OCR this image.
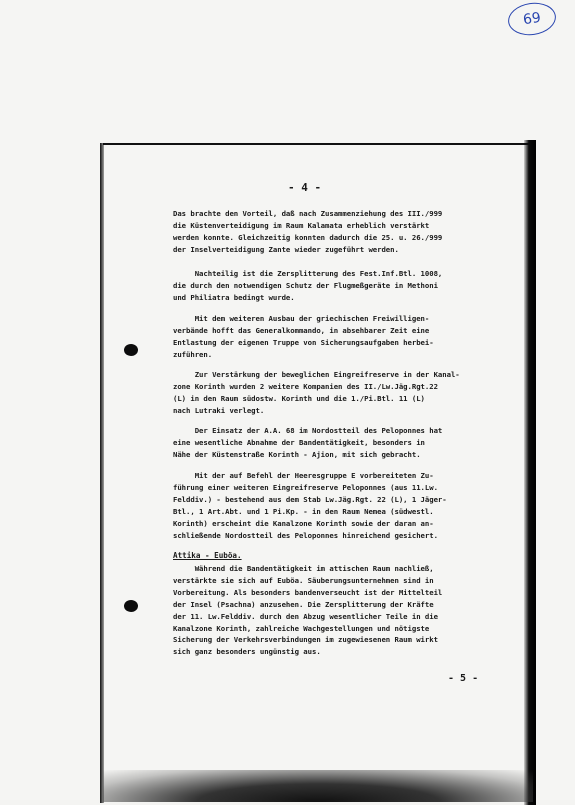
69
- 4 -
Das brachte den Vorteil, daß nach Zusammenziehung des III./999
die Küstenverteidigung im Raum Kalamata erheblich verstärkt
werden konnte. Gleichzeitig konnten dadurch die 25. u. 26./999
der Inselverteidigung Zante wieder zugeführt werden.
Nachteilig ist die Zersplitterung des Fest.Inf.Btl. 1008,
die durch den notwendigen Schutz der Flugmeßgeräte in Methoni
und Philiatra bedingt wurde.
Mit dem weiteren Ausbau der griechischen Freiwilligen-
verbände hofft das Generalkommando, in absehbarer Zeit eine
Entlastung der eigenen Truppe von Sicherungsaufgaben herbei-
zuführen.
Zur Verstärkung der beweglichen Eingreifreserve in der Kanal-
zone Korinth wurden 2 weitere Kompanien des II./Lw.Jäg.Rgt.22
(L) in den Raum südostw. Korinth und die 1./Pi.Btl. 11 (L)
nach Lutraki verlegt.
Der Einsatz der A.A. 68 im Nordostteil des Peloponnes hat
eine wesentliche Abnahme der Bandentätigkeit, besonders in
Nähe der Küstenstraße Korinth - Ajion, mit sich gebracht.
Mit der auf Befehl der Heeresgruppe E vorbereiteten Zu-
führung einer weiteren Eingreifreserve Peloponnes (aus 11.Lw.
Felddiv.) - bestehend aus dem Stab Lw.Jäg.Rgt. 22 (L), 1 Jäger-
Btl., 1 Art.Abt. und 1 Pi.Kp. - in den Raum Nemea (südwestl.
Korinth) erscheint die Kanalzone Korinth sowie der daran an-
schließende Nordostteil des Peloponnes hinreichend gesichert.
Attika - Euböa.
Während die Bandentätigkeit im attischen Raum nachließ,
verstärkte sie sich auf Euböa. Säuberungsunternehmen sind in
Vorbereitung. Als besonders bandenverseucht ist der Mittelteil
der Insel (Psachna) anzusehen. Die Zersplitterung der Kräfte
der 11. Lw.Felddiv. durch den Abzug wesentlicher Teile in die
Kanalzone Korinth, zahlreiche Wachgestellungen und nötigste
Sicherung der Verkehrsverbindungen im zugewiesenen Raum wirkt
sich ganz besonders ungünstig aus.
- 5 -
